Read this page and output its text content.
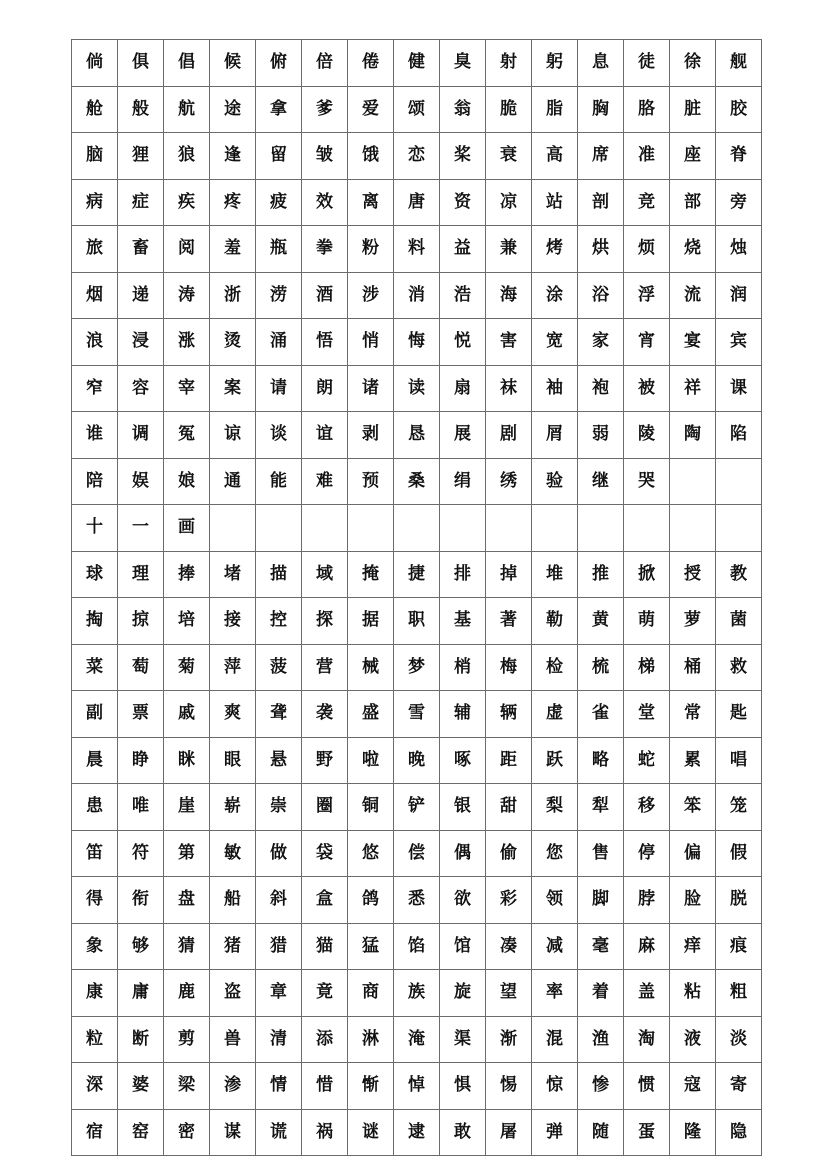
倘	俱	倡	候	俯	倍	倦	健	臭	射	躬	息	徒	徐	舰
舱	般	航	途	拿	爹	爱	颂	翁	脆	脂	胸	胳	脏	胶
脑	狸	狼	逢	留	皱	饿	恋	桨	衰	高	席	准	座	脊
病	症	疾	疼	疲	效	离	唐	资	凉	站	剖	竞	部	旁
旅	畜	阅	羞	瓶	拳	粉	料	益	兼	烤	烘	烦	烧	烛
烟	递	涛	浙	涝	酒	涉	消	浩	海	涂	浴	浮	流	润
浪	浸	涨	烫	涌	悟	悄	悔	悦	害	宽	家	宵	宴	宾
窄	容	宰	案	请	朗	诸	读	扇	袜	袖	袍	被	祥	课
谁	调	冤	谅	谈	谊	剥	恳	展	剧	屑	弱	陵	陶	陷
陪	娱	娘	通	能	难	预	桑	绢	绣	验	继	哭		
十	一	画												
球	理	捧	堵	描	域	掩	捷	排	掉	堆	推	掀	授	教
掏	掠	培	接	控	探	据	职	基	著	勒	黄	萌	萝	菌
菜	萄	菊	萍	菠	营	械	梦	梢	梅	检	梳	梯	桶	救
副	票	戚	爽	聋	袭	盛	雪	辅	辆	虚	雀	堂	常	匙
晨	睁	眯	眼	悬	野	啦	晚	啄	距	跃	略	蛇	累	唱
患	唯	崖	崭	崇	圈	铜	铲	银	甜	梨	犁	移	笨	笼
笛	符	第	敏	做	袋	悠	偿	偶	偷	您	售	停	偏	假
得	衔	盘	船	斜	盒	鸽	悉	欲	彩	领	脚	脖	脸	脱
象	够	猜	猪	猎	猫	猛	馅	馆	凑	减	毫	麻	痒	痕
康	庸	鹿	盗	章	竟	商	族	旋	望	率	着	盖	粘	粗
粒	断	剪	兽	清	添	淋	淹	渠	渐	混	渔	淘	液	淡
深	婆	梁	渗	情	惜	惭	悼	惧	惕	惊	惨	惯	寇	寄
宿	窑	密	谋	谎	祸	谜	逮	敢	屠	弹	随	蛋	隆	隐
